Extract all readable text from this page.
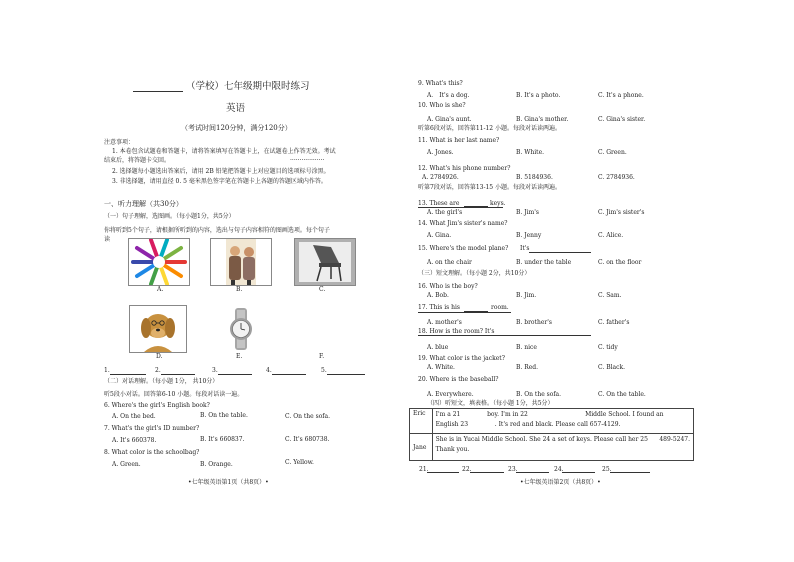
（学校）七年级期中限时练习
英语
（考试时间120分钟，满分120分）
注意事项：
1. 本卷包含试题卷和答题卡，请将答案填写在答题卡上，在试题卷上作答无效。考试
结束后，将答题卡交回。	··················
2. 选择题每小题选出答案后，请用 2B 铅笔把答题卡上对应题目的选项标号涂黑。
3. 非选择题，请用直径 0. 5 毫米黑色签字笔在答题卡上各题的答题区域内作答。
一、听力理解（共30分）
（一）句子理解，选图画。（每小题1分，共5分）
你将听到5个句子，请根据所听到的内容，选出与句子内容相符的图画选项。每个句子
读
A.	B.	C.
D.	E.	F.
1.	2.	3.	4.	5.
（二）对话理解。（每小题 1分， 共10分）
听5段小对话。回答第6-10 小题。每段对话读一遍。
6. Where's the girl's English book?
A. On the bed.	B. On the table.	C. On the sofa.
7. What's the girl's ID number?
A. It's 660378.	B. It's 660837.	C. It's 680738.
8. What color is the schoolbag?
A. Green.	B. Orange.	C. Yellow.
•七年级英语第1页（共8页）•
9. What's this?
A． It's a dog.	B. It's a photo.	C. It's a phone.
10. Who is she?
A. Gina's aunt.	B. Gina's mother.	C. Gina's sister.
听第6段对话，回答第11-12 小题。每段对话读两遍。
11. What is her last name?
A. Jones.	B. White.	C. Green.
12. What's his phone number?
A. 2784926.	B. 5184936.	C. 2784936.
听第7段对话，回答第13-15 小题。每段对话读两遍。
13. These are	keys.
A. the girl's	B. Jim's	C. Jim's sister's
14. What Jim's sister's name?
A. Gina.	B. Jenny	C. Alice.
15. Where's the model plane? It's
A. on the chair	B. under the table	C. on the floor
（三）短文理解。（每小题 2分，共10分）
16. Who is the boy?
A. Bob.	B. Jim.	C. Sam.
17. This is his	room.
A. mother's	B. brother's	C. father's
18. How is the room? It's
A. blue	B. nice	C. tidy
19. What color is the jacket?
A. White.	B. Red.	C. Black.
20. Where is the baseball?
A. Everywhere.	B. On the sofa.	C. On the table.
（四）听短文，填表格。（每小题 1分，共5分）
Eric	I'm a 21              boy. I'm in 22                              Middle School. I found an
English 23              . It's red and black. Please call 657-4129.

Jane	She is in Yucai Middle School. She 24 a set of keys. Please call her 25      489-5247.
Thank you.
21.	22.	23.	24.	25.
•七年级英语第2页（共8页）•
